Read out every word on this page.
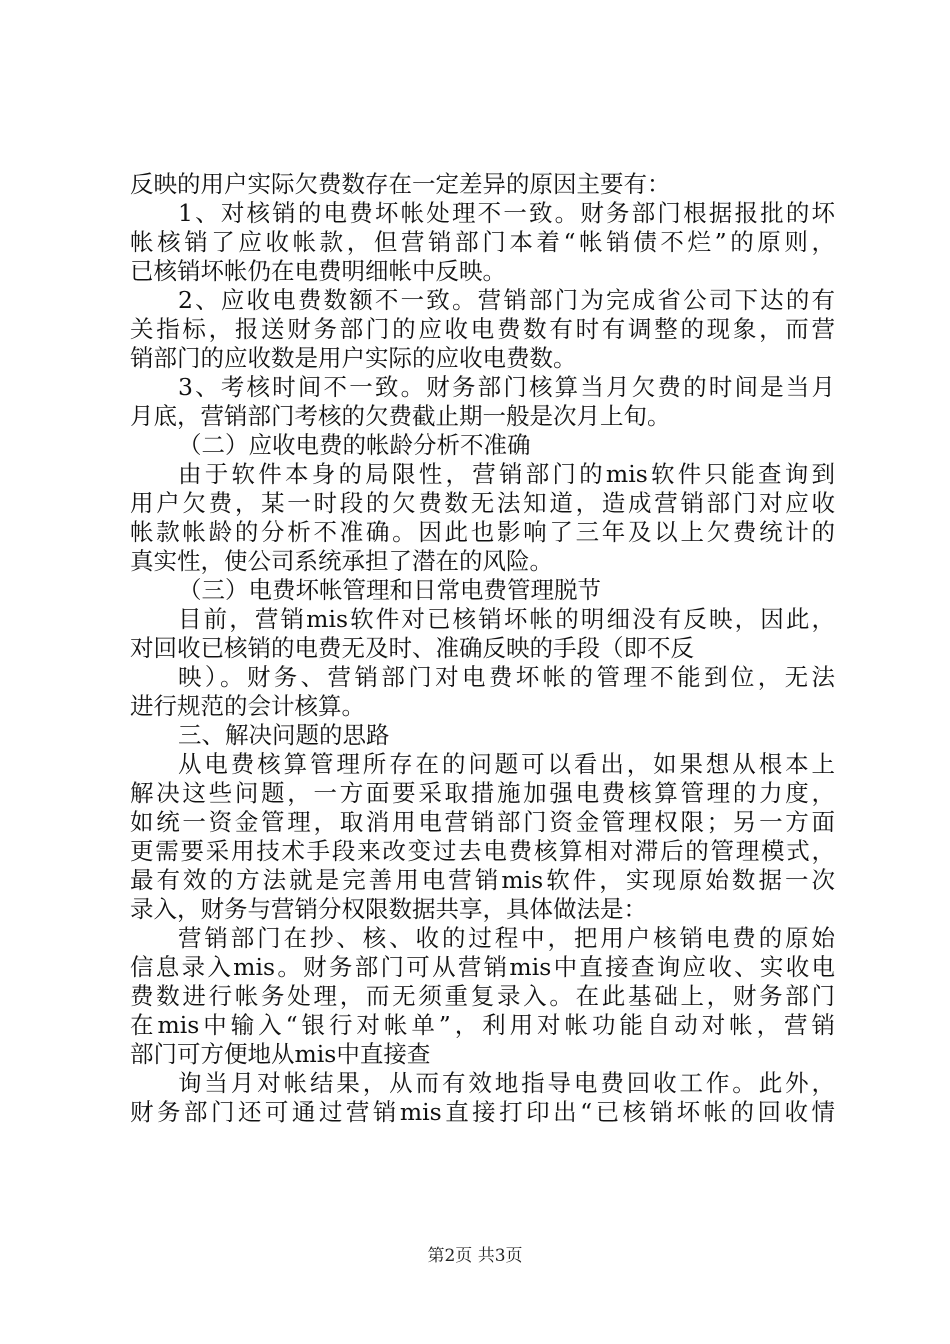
反映的用户实际欠费数存在一定差异的原因主要有：
1、对核销的电费坏帐处理不一致。财务部门根据报批的坏
帐核销了应收帐款，但营销部门本着“帐销债不烂”的原则，
已核销坏帐仍在电费明细帐中反映。
2、应收电费数额不一致。营销部门为完成省公司下达的有
关指标，报送财务部门的应收电费数有时有调整的现象，而营
销部门的应收数是用户实际的应收电费数。
3、考核时间不一致。财务部门核算当月欠费的时间是当月
月底，营销部门考核的欠费截止期一般是次月上旬。
（二）应收电费的帐龄分析不准确
由于软件本身的局限性，营销部门的mis软件只能查询到
用户欠费，某一时段的欠费数无法知道，造成营销部门对应收
帐款帐龄的分析不准确。因此也影响了三年及以上欠费统计的
真实性，使公司系统承担了潜在的风险。
（三）电费坏帐管理和日常电费管理脱节
目前，营销mis软件对已核销坏帐的明细没有反映，因此，
对回收已核销的电费无及时、准确反映的手段（即不反
映）。财务、营销部门对电费坏帐的管理不能到位，无法
进行规范的会计核算。
三、解决问题的思路
从电费核算管理所存在的问题可以看出，如果想从根本上
解决这些问题，一方面要采取措施加强电费核算管理的力度，
如统一资金管理，取消用电营销部门资金管理权限；另一方面
更需要采用技术手段来改变过去电费核算相对滞后的管理模式，
最有效的方法就是完善用电营销mis软件，实现原始数据一次
录入，财务与营销分权限数据共享，具体做法是：
营销部门在抄、核、收的过程中，把用户核销电费的原始
信息录入mis。财务部门可从营销mis中直接查询应收、实收电
费数进行帐务处理，而无须重复录入。在此基础上，财务部门
在mis中输入“银行对帐单”，利用对帐功能自动对帐，营销
部门可方便地从mis中直接查
询当月对帐结果，从而有效地指导电费回收工作。此外，
财务部门还可通过营销mis直接打印出“已核销坏帐的回收情
第2页 共3页
